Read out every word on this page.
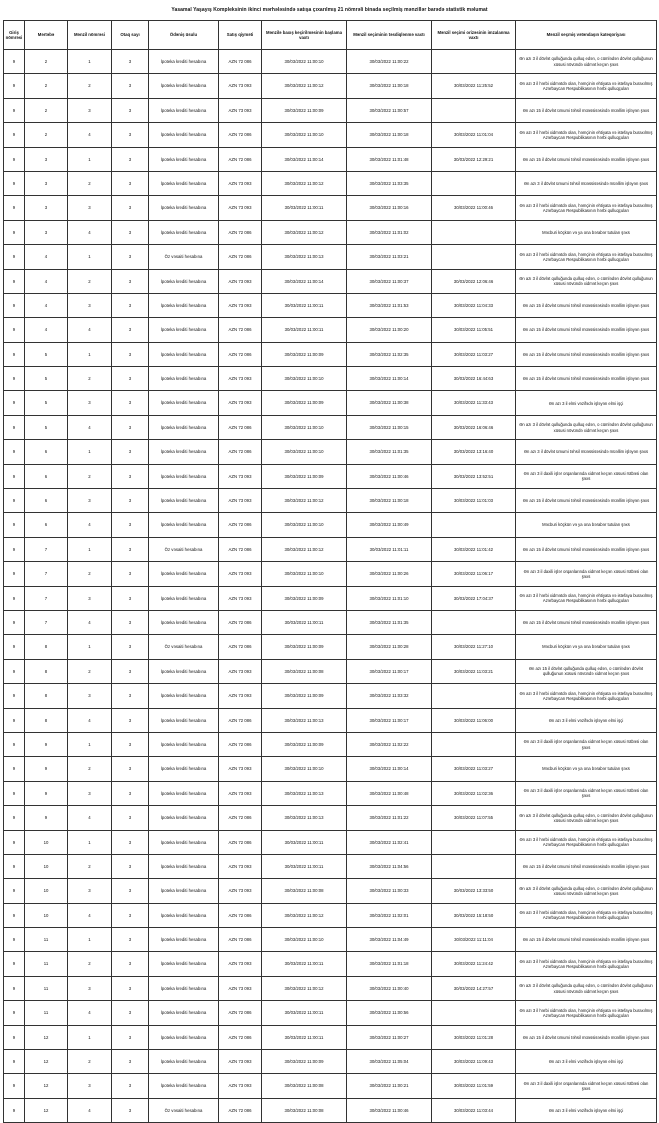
Yasamal Yaşayış Kompleksinin ikinci mərhələsində satışa çıxarılmış 21 nömrəli binada seçilmiş mənzillər barədə statistik məlumat
Giriş nömrəsi	Mərtəbə	Mənzil nömrəsi	Otaq sayı	Ödəniş üsulu	Satış qiyməti	Mənzilə baxış keçirilməsinin başlama vaxtı	Mənzil seçiminin təsdiqlənmə vaxtı	Mənzil seçimi orizəsinin imzalanma vaxtı	Mənzil seçmiş vətəndaşın kateqoriyası
9	2	1	3	İpoteka krediti hesabına	AZN 72 086	30/03/2022 11:00:10	30/03/2022 11:00:22		Ən azı 3 il dövlət qulluğunda qulluq edən, o cümlədən dövlət qulluğunun xüsusi növündə xidmət keçən şəxs
9	2	2	3	İpoteka krediti hesabına	AZN 73 093	30/03/2022 11:00:12	30/03/2022 11:00:18	30/03/2022 11:25:52	Ən azı 3 il hərbi xidmətdə olan, həmçinin ehtiyata və istefaya buraxılmış Azərbaycan Respublikasının hərbi qulluqçuları
9	2	3	3	İpoteka krediti hesabına	AZN 73 093	30/03/2022 11:00:09	30/03/2022 11:00:57		Ən azı 15 il dövlət ümumi təhsil müəssisəsində müəllim işləyən şəxs
9	2	4	3	İpoteka krediti hesabına	AZN 72 086	30/03/2022 11:00:10	30/03/2022 11:00:18	30/03/2022 11:01:04	Ən azı 3 il hərbi xidmətdə olan, həmçinin ehtiyata və istefaya buraxılmış Azərbaycan Respublikasının hərbi qulluqçuları
9	3	1	3	İpoteka krediti hesabına	AZN 72 086	30/03/2022 11:00:14	30/03/2022 11:01:48	30/03/2022 12:29:21	Ən azı 15 il dövlət ümumi təhsil müəssisəsində müəllim işləyən şəxs
9	3	2	3	İpoteka krediti hesabına	AZN 73 093	30/03/2022 11:00:12	30/03/2022 11:03:35		Ən azı 3 il dövlət ümumi təhsil müəssisəsində müəllim işləyən şəxs
9	3	3	3	İpoteka krediti hesabına	AZN 73 093	30/03/2022 11:00:11	30/03/2022 11:00:16	30/03/2022 11:00:46	Ən azı 3 il hərbi xidmətdə olan, həmçinin ehtiyata və istefaya buraxılmış Azərbaycan Respublikasının hərbi qulluqçuları
9	3	4	3	İpoteka krediti hesabına	AZN 72 086	30/03/2022 11:00:12	30/03/2022 11:01:02		Məcburi köçkün və ya ona bərabər tutulan şəxs
9	4	1	3	Öz vəsaiti hesabına	AZN 72 086	30/03/2022 11:00:13	30/03/2022 11:03:21		Ən azı 3 il hərbi xidmətdə olan, həmçinin ehtiyata və istefaya buraxılmış Azərbaycan Respublikasının hərbi qulluqçuları
9	4	2	3	İpoteka krediti hesabına	AZN 73 093	30/03/2022 11:00:14	30/03/2022 11:00:37	30/03/2022 12:06:46	Ən azı 3 il dövlət qulluğunda qulluq edən, o cümlədən dövlət qulluğunun xüsusi növündə xidmət keçən şəxs
9	4	3	3	İpoteka krediti hesabına	AZN 73 093	30/03/2022 11:00:11	30/03/2022 11:01:53	30/03/2022 11:04:33	Ən azı 15 il dövlət ümumi təhsil müəssisəsində müəllim işləyən şəxs
9	4	4	3	İpoteka krediti hesabına	AZN 72 086	30/03/2022 11:00:11	30/03/2022 11:00:20	30/03/2022 11:05:51	Ən azı 15 il dövlət ümumi təhsil müəssisəsində müəllim işləyən şəxs
9	5	1	3	İpoteka krediti hesabına	AZN 72 086	30/03/2022 11:00:09	30/03/2022 11:02:35	30/03/2022 11:03:27	Ən azı 15 il dövlət ümumi təhsil müəssisəsində müəllim işləyən şəxs
9	5	2	3	İpoteka krediti hesabına	AZN 73 093	30/03/2022 11:00:10	30/03/2022 11:00:14	30/03/2022 16:44:63	Ən azı 15 il dövlət ümumi təhsil müəssisəsində müəllim işləyən şəxs
9	5	3	3	İpoteka krediti hesabına	AZN 73 093	30/03/2022 11:00:09	30/03/2022 11:00:38	30/03/2022 11:33:43	Ən azı 3 il elmi vəzifədə işləyən elmi işçi
9	5	4	3	İpoteka krediti hesabına	AZN 72 086	30/03/2022 11:00:10	30/03/2022 11:00:15	30/03/2022 16:06:46	Ən azı 3 il dövlət qulluğunda qulluq edən, o cümlədən dövlət qulluğunun xüsusi növündə xidmət keçən şəxs
9	6	1	3	İpoteka krediti hesabına	AZN 72 086	30/03/2022 11:00:10	30/03/2022 11:01:35	30/03/2022 13:16:40	Ən azı 3 il dövlət ümumi təhsil müəssisəsində müəllim işləyən şəxs
9	6	2	3	İpoteka krediti hesabına	AZN 73 093	30/03/2022 11:00:09	30/03/2022 11:00:46	30/03/2022 13:52:51	Ən azı 3 il daxili işlər orqanlarında xidmət keçən xüsusi rütbəsi olan şəxs
9	6	3	3	İpoteka krediti hesabına	AZN 73 093	30/03/2022 11:00:12	30/03/2022 11:00:18	30/03/2022 11:01:03	Ən azı 15 il dövlət ümumi təhsil müəssisəsində müəllim işləyən şəxs
9	6	4	3	İpoteka krediti hesabına	AZN 72 086	30/03/2022 11:00:10	30/03/2022 11:00:49		Məcburi köçkün və ya ona bərabər tutulan şəxs
9	7	1	3	Öz vəsaiti hesabına	AZN 72 086	30/03/2022 11:00:12	30/03/2022 11:01:11	30/03/2022 11:01:42	Ən azı 15 il dövlət ümumi təhsil müəssisəsində müəllim işləyən şəxs
9	7	2	3	İpoteka krediti hesabına	AZN 73 093	30/03/2022 11:00:10	30/03/2022 11:00:26	30/03/2022 11:06:17	Ən azı 3 il daxili işlər orqanlarında xidmət keçən xüsusi rütbəsi olan şəxs
9	7	3	3	İpoteka krediti hesabına	AZN 73 093	30/03/2022 11:00:09	30/03/2022 11:01:10	30/03/2022 17:04:37	Ən azı 3 il hərbi xidmətdə olan, həmçinin ehtiyata və istefaya buraxılmış Azərbaycan Respublikasının hərbi qulluqçuları
9	7	4	3	İpoteka krediti hesabına	AZN 72 086	30/03/2022 11:00:11	30/03/2022 11:01:35		Ən azı 15 il dövlət ümumi təhsil müəssisəsində müəllim işləyən şəxs
9	8	1	3	Öz vəsaiti hesabına	AZN 72 086	30/03/2022 11:00:09	30/03/2022 11:00:28	30/03/2022 11:27:10	Məcburi köçkün və ya ona bərabər tutulan şəxs
9	8	2	3	İpoteka krediti hesabına	AZN 73 093	30/03/2022 11:00:08	30/03/2022 11:00:17	30/03/2022 11:03:21	Ən azı 15 il dövlət qulluğunda qulluq edən, o cümlədən dövlət qulluğunun xüsusi növündə xidmət keçən şəxs
9	8	3	3	İpoteka krediti hesabına	AZN 73 093	30/03/2022 11:00:09	30/03/2022 11:03:32		Ən azı 3 il hərbi xidmətdə olan, həmçinin ehtiyata və istefaya buraxılmış Azərbaycan Respublikasının hərbi qulluqçuları
9	8	4	3	İpoteka krediti hesabına	AZN 72 086	30/03/2022 11:00:13	30/03/2022 11:00:17	30/03/2022 11:06:00	Ən azı 3 il elmi vəzifədə işləyən elmi işçi
9	9	1	3	İpoteka krediti hesabına	AZN 72 086	30/03/2022 11:00:09	30/03/2022 11:02:22		Ən azı 3 il daxili işlər orqanlarında xidmət keçən xüsusi rütbəsi olan şəxs
9	9	2	3	İpoteka krediti hesabına	AZN 73 093	30/03/2022 11:00:10	30/03/2022 11:00:14	30/03/2022 11:03:27	Məcburi köçkün və ya ona bərabər tutulan şəxs
9	9	3	3	İpoteka krediti hesabına	AZN 73 093	30/03/2022 11:00:13	30/03/2022 11:00:48	30/03/2022 11:02:36	Ən azı 3 il daxili işlər orqanlarında xidmət keçən xüsusi rütbəsi olan şəxs
9	9	4	3	İpoteka krediti hesabına	AZN 72 086	30/03/2022 11:00:13	30/03/2022 11:01:22	30/03/2022 11:07:55	Ən azı 3 il dövlət qulluğunda qulluq edən, o cümlədən dövlət qulluğunun xüsusi növündə xidmət keçən şəxs
9	10	1	3	İpoteka krediti hesabına	AZN 72 086	30/03/2022 11:00:11	30/03/2022 11:02:41		Ən azı 3 il hərbi xidmətdə olan, həmçinin ehtiyata və istefaya buraxılmış Azərbaycan Respublikasının hərbi qulluqçuları
9	10	2	3	İpoteka krediti hesabına	AZN 73 093	30/03/2022 11:00:11	30/03/2022 11:04:56		Ən azı 15 il dövlət ümumi təhsil müəssisəsində müəllim işləyən şəxs
9	10	3	3	İpoteka krediti hesabına	AZN 73 093	30/03/2022 11:00:08	30/03/2022 11:00:33	30/03/2022 13:33:50	Ən azı 3 il dövlət qulluğunda qulluq edən, o cümlədən dövlət qulluğunun xüsusi növündə xidmət keçən şəxs
9	10	4	3	İpoteka krediti hesabına	AZN 72 086	30/03/2022 11:00:12	30/03/2022 11:02:01	30/03/2022 15:18:50	Ən azı 3 il hərbi xidmətdə olan, həmçinin ehtiyata və istefaya buraxılmış Azərbaycan Respublikasının hərbi qulluqçuları
9	11	1	3	İpoteka krediti hesabına	AZN 72 086	30/03/2022 11:00:10	30/03/2022 11:04:49	30/03/2022 11:11:04	Ən azı 15 il dövlət ümumi təhsil müəssisəsində müəllim işləyən şəxs
9	11	2	3	İpoteka krediti hesabına	AZN 73 093	30/03/2022 11:00:11	30/03/2022 11:01:18	30/03/2022 11:24:42	Ən azı 3 il hərbi xidmətdə olan, həmçinin ehtiyata və istefaya buraxılmış Azərbaycan Respublikasının hərbi qulluqçuları
9	11	3	3	İpoteka krediti hesabına	AZN 73 093	30/03/2022 11:00:12	30/03/2022 11:00:40	30/03/2022 14:27:57	Ən azı 3 il dövlət qulluğunda qulluq edən, o cümlədən dövlət qulluğunun xüsusi növündə xidmət keçən şəxs
9	11	4	3	İpoteka krediti hesabına	AZN 72 086	30/03/2022 11:00:11	30/03/2022 11:00:56		Ən azı 3 il hərbi xidmətdə olan, həmçinin ehtiyata və istefaya buraxılmış Azərbaycan Respublikasının hərbi qulluqçuları
9	12	1	3	İpoteka krediti hesabına	AZN 72 086	30/03/2022 11:00:11	30/03/2022 11:00:27	30/03/2022 11:01:28	Ən azı 15 il dövlət ümumi təhsil müəssisəsində müəllim işləyən şəxs
9	12	2	3	İpoteka krediti hesabına	AZN 73 093	30/03/2022 11:00:09	30/03/2022 11:05:04	30/03/2022 11:09:43	Ən azı 3 il elmi vəzifədə işləyən elmi işçi
9	12	3	3	İpoteka krediti hesabına	AZN 73 093	30/03/2022 11:00:08	30/03/2022 11:00:21	30/03/2022 11:01:59	Ən azı 3 il daxili işlər orqanlarında xidmət keçən xüsusi rütbəsi olan şəxs
9	12	4	3	Öz vəsaiti hesabına	AZN 72 086	30/03/2022 11:00:08	30/03/2022 11:00:46	30/03/2022 11:03:44	Ən azı 3 il elmi vəzifədə işləyən elmi işçi
